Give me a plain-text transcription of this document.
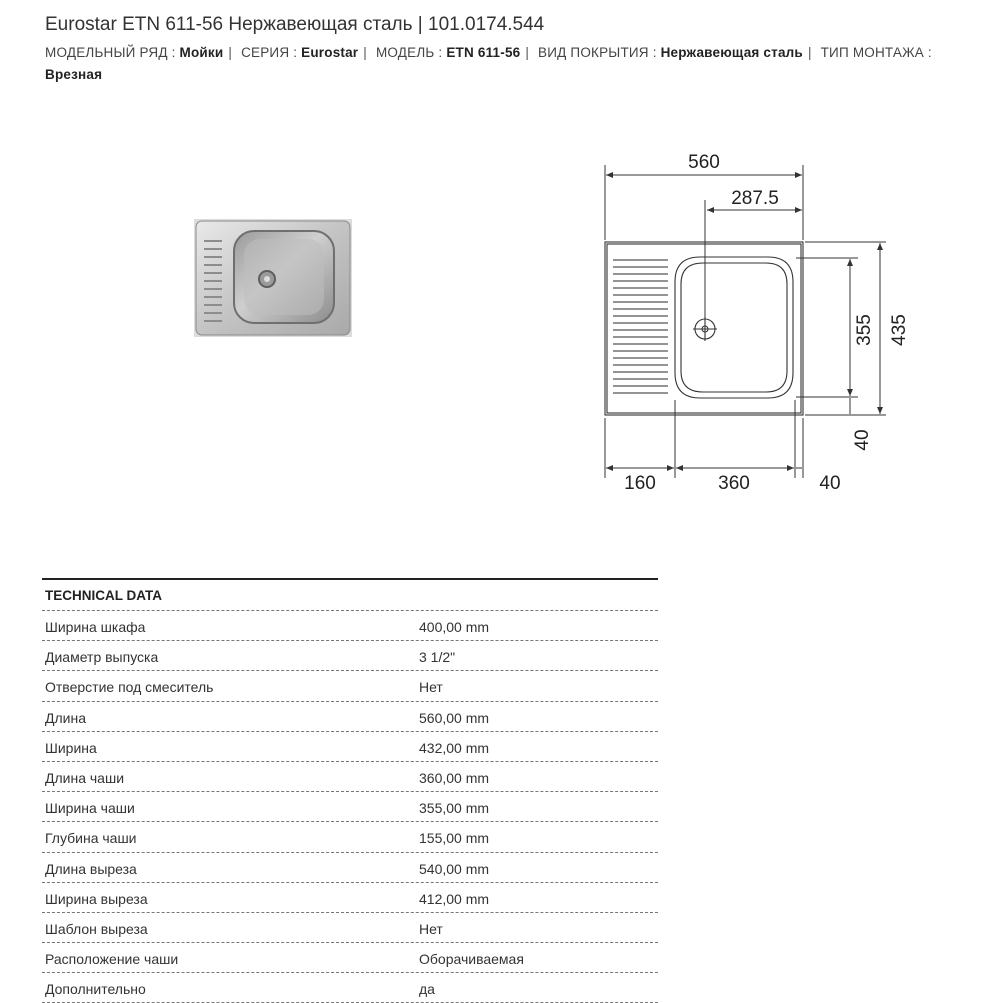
Eurostar ETN 611-56 Нержавеющая сталь | 101.0174.544
МОДЕЛЬНЫЙ РЯД : Мойки | СЕРИЯ : Eurostar | МОДЕЛЬ : ETN 611-56 | ВИД ПОКРЫТИЯ : Нержавеющая сталь | ТИП МОНТАЖА : Врезная
560
287.5
355 435
40
160	360	40
TECHNICAL DATA
Ширина шкафа	400,00 mm
Диаметр выпуска	3 1/2"
Отверстие под смеситель	Нет
Длина	560,00 mm
Ширина	432,00 mm
Длина чаши	360,00 mm
Ширина чаши	355,00 mm
Глубина чаши	155,00 mm
Длина выреза	540,00 mm
Ширина выреза	412,00 mm
Шаблон выреза	Нет
Расположение чаши	Оборачиваемая
Дополнительно	да
